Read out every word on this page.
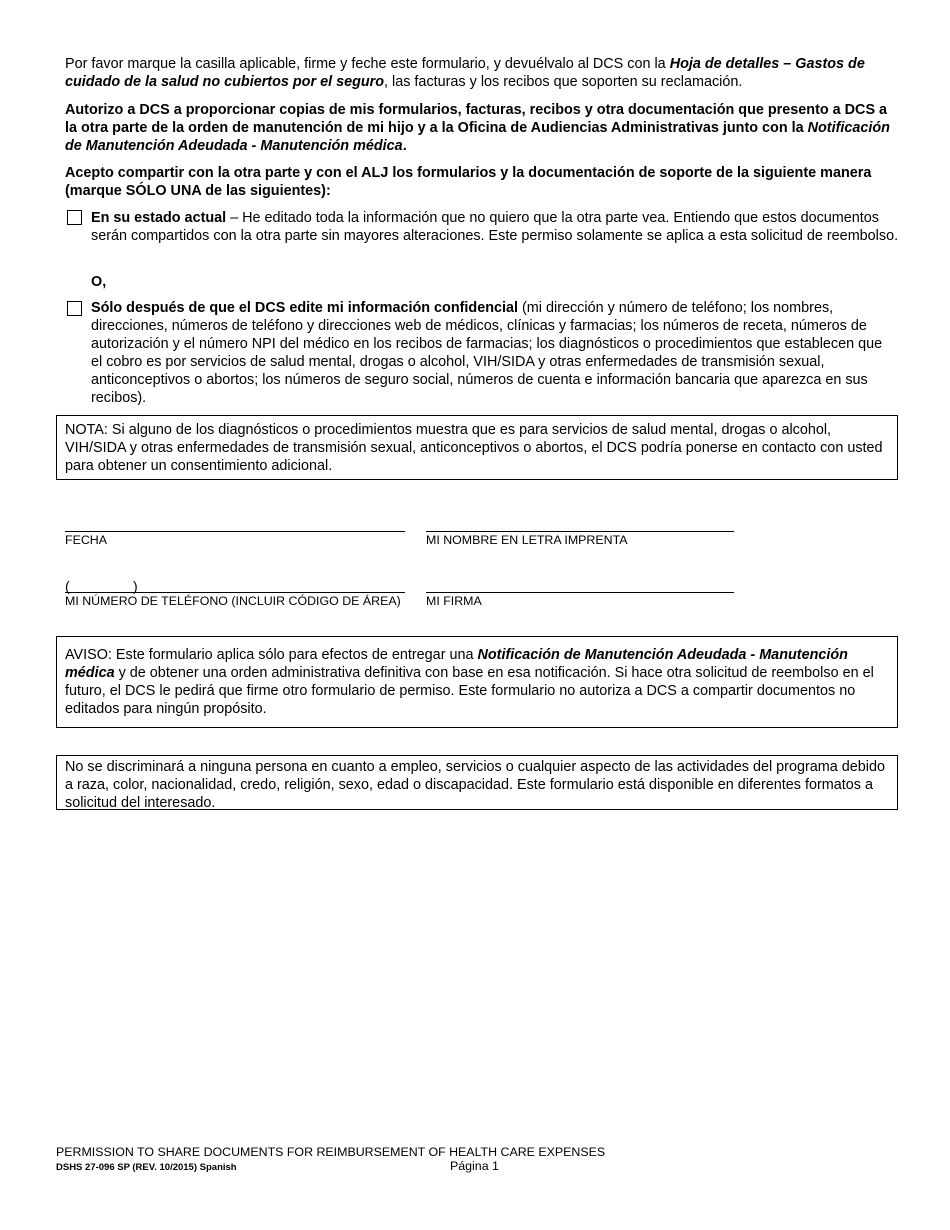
Por favor marque la casilla aplicable, firme y feche este formulario, y devuélvalo al DCS con la Hoja de detalles – Gastos de cuidado de la salud no cubiertos por el seguro, las facturas y los recibos que soporten su reclamación.

Autorizo a DCS a proporcionar copias de mis formularios, facturas, recibos y otra documentación que presento a DCS a la otra parte de la orden de manutención de mi hijo y a la Oficina de Audiencias Administrativas junto con la Notificación de Manutención Adeudada - Manutención médica.

Acepto compartir con la otra parte y con el ALJ los formularios y la documentación de soporte de la siguiente manera (marque SÓLO UNA de las siguientes):

En su estado actual – He editado toda la información que no quiero que la otra parte vea. Entiendo que estos documentos serán compartidos con la otra parte sin mayores alteraciones. Este permiso solamente se aplica a esta solicitud de reembolso.

O,

Sólo después de que el DCS edite mi información confidencial (mi dirección y número de teléfono; los nombres, direcciones, números de teléfono y direcciones web de médicos, clínicas y farmacias; los números de receta, números de autorización y el número NPI del médico en los recibos de farmacias; los diagnósticos o procedimientos que establecen que el cobro es por servicios de salud mental, drogas o alcohol, VIH/SIDA y otras enfermedades de transmisión sexual, anticonceptivos o abortos; los números de seguro social, números de cuenta e información bancaria que aparezca en sus recibos).

NOTA: Si alguno de los diagnósticos o procedimientos muestra que es para servicios de salud mental, drogas o alcohol, VIH/SIDA y otras enfermedades de transmisión sexual, anticonceptivos o abortos, el DCS podría ponerse en contacto con usted para obtener un consentimiento adicional.

FECHA	MI NOMBRE EN LETRA IMPRENTA
(	)
MI NÚMERO DE TELÉFONO (INCLUIR CÓDIGO DE ÁREA) MI FIRMA

AVISO: Este formulario aplica sólo para efectos de entregar una Notificación de Manutención Adeudada - Manutención médica y de obtener una orden administrativa definitiva con base en esa notificación. Si hace otra solicitud de reembolso en el futuro, el DCS le pedirá que firme otro formulario de permiso. Este formulario no autoriza a DCS a compartir documentos no editados para ningún propósito.

No se discriminará a ninguna persona en cuanto a empleo, servicios o cualquier aspecto de las actividades del programa debido a raza, color, nacionalidad, credo, religión, sexo, edad o discapacidad. Este formulario está disponible en diferentes formatos a solicitud del interesado.

PERMISSION TO SHARE DOCUMENTS FOR REIMBURSEMENT OF HEALTH CARE EXPENSES
DSHS 27-096 SP (REV. 10/2015) Spanish	Página 1
